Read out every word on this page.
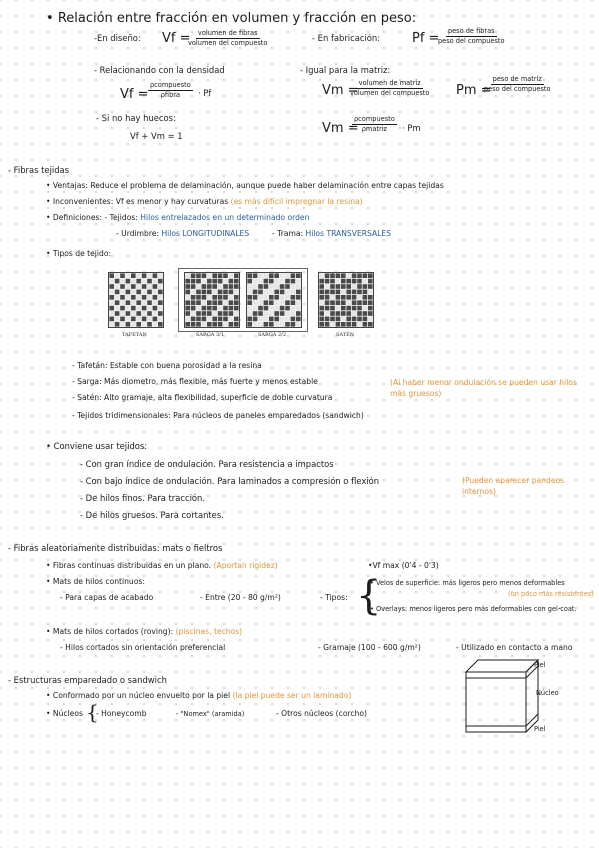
• Relación entre fracción en volumen y fracción en peso:
-En diseño: Vf =	volumen de fibras
volumen del compuesto	- En fabricación: Pf =	peso de fibras
peso del compuesto
- Relacionando con la densidad
Vf =
ρcompuesto
ρfibra · Pf
- Igual para la matriz:
Vm = volumen de matriz
volumen del compuesto Pm =
peso de matriz
peso del compuesto
Vm =
ρcompuesto
ρmatriz · Pm
- Si no hay huecos:
Vf + Vm = 1
- Fibras tejidas
• Ventajas: Reduce el problema de delaminación, aunque puede haber delaminación entre capas tejidas
• Inconvenientes: Vf es menor y hay curvaturas (es más difícil impregnar la resina)
• Definiciones: - Tejidos: Hilos entrelazados en un determinado orden
- Urdimbre: Hilos LONGITUDINALES	- Trama: Hilos TRANSVERSALES
• Tipos de tejido:
TAFETÁN	SARGA 3/1	SARGA 2/2	SATÉN
- Tafetán: Estable con buena porosidad a la resina
- Sarga: Más diometro, más flexible, más fuerte y menos estable	(Al haber menor ondulación se pueden usar hilos más gruesos)
- Satén: Alto gramaje, alta flexibilidad, superficie de doble curvatura
- Tejidos tridimensionales: Para núcleos de paneles emparedados (sandwich)
• Conviene usar tejidos:
- Con gran índice de ondulación. Para resistencia a impactos
- Con bajo índice de ondulación. Para laminados a compresión o flexión	(Pueden aparecer pandeos internos)
- De hilos finos. Para tracción.
- De hilos gruesos. Para cortantes.
- Fibras aleatoriamente distribuidas: mats o fieltros
• Fibras continuas distribuidas en un plano. (Aportan rigidez)	•Vf max (0'4 - 0'3)
• Mats de hilos continuos:
- Para capas de acabado	- Entre (20 - 80 g/m²)	- Tipos: {
• Velos de superficie: más ligeros pero menos deformables
(un poco más resistentes)
• Overlays: menos ligeros pero más deformables con gel-coat.
• Mats de hilos cortados (roving): (piscinas, techos)
- Hilos cortados sin orientación preferencial	- Gramaje (100 - 600 g/m²)	- Utilizado en contacto a mano
- Estructuras emparedado o sandwich
• Conformado por un núcleo envuelto por la piel (la piel puede ser un laminado)
• Núcleos {
- Honeycomb	- "Nomex" (aramida)	- Otros núcleos (corcho)
Piel
Núcleo
Piel
